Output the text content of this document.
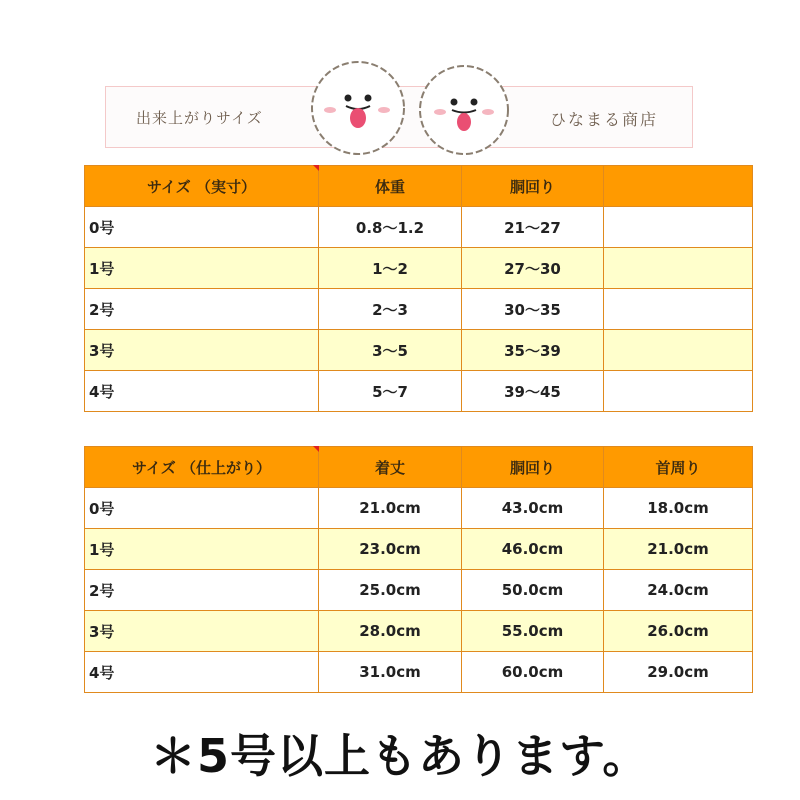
出来上がりサイズ	ひなまる商店
サイズ （実寸）	体重	胴回り	
0号	0.8〜1.2	21〜27	
1号	1〜2	27〜30	
2号	2〜3	30〜35	
3号	3〜5	35〜39	
4号	5〜7	39〜45	
サイズ （仕上がり）	着丈	胴回り	首周り
0号	21.0cm	43.0cm	18.0cm
1号	23.0cm	46.0cm	21.0cm
2号	25.0cm	50.0cm	24.0cm
3号	28.0cm	55.0cm	26.0cm
4号	31.0cm	60.0cm	29.0cm
＊5号以上もあります。
